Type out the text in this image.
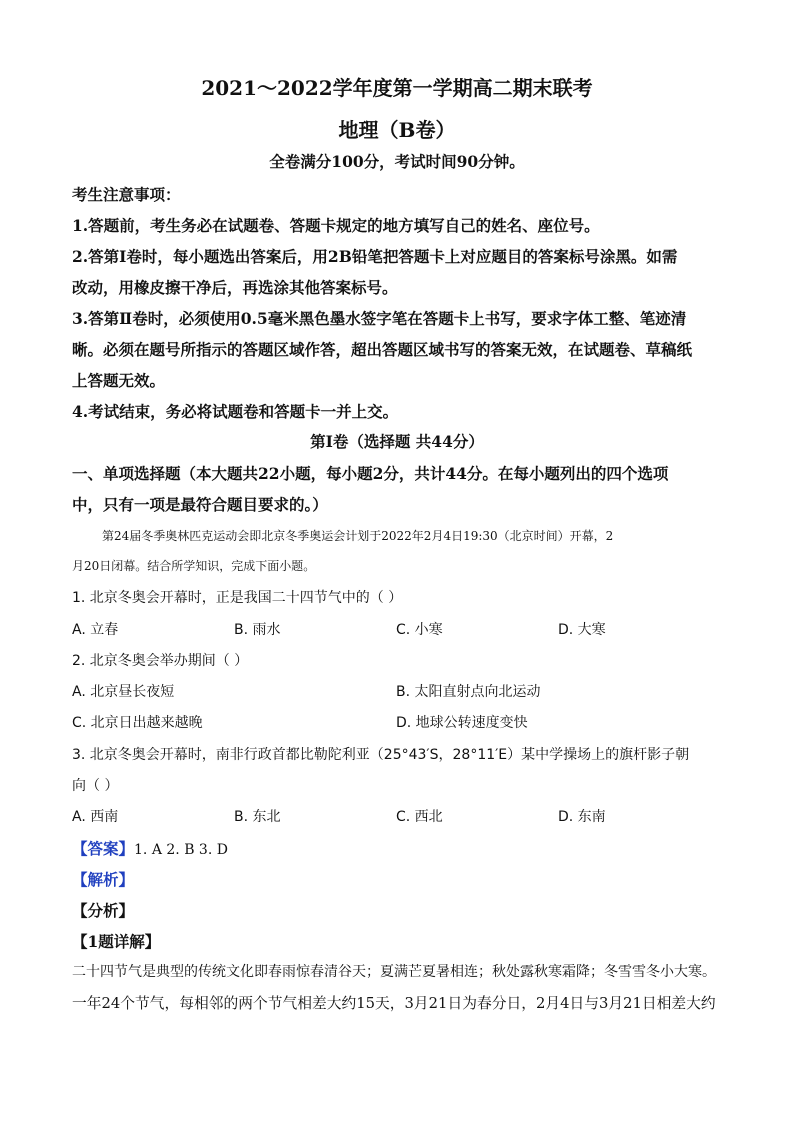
2021～2022学年度第一学期高二期末联考
地理（B卷）
全卷满分100分，考试时间90分钟。
考生注意事项：
1.答题前，考生务必在试题卷、答题卡规定的地方填写自己的姓名、座位号。
2.答第Ⅰ卷时，每小题选出答案后，用2B铅笔把答题卡上对应题目的答案标号涂黑。如需
改动，用橡皮擦干净后，再选涂其他答案标号。
3.答第Ⅱ卷时，必须使用0.5毫米黑色墨水签字笔在答题卡上书写，要求字体工整、笔迹清
晰。必须在题号所指示的答题区域作答，超出答题区域书写的答案无效，在试题卷、草稿纸
上答题无效。
4.考试结束，务必将试题卷和答题卡一并上交。
第Ⅰ卷（选择题 共44分）
一、单项选择题（本大题共22小题，每小题2分，共计44分。在每小题列出的四个选项
中，只有一项是最符合题目要求的。）
第24届冬季奥林匹克运动会即北京冬季奥运会计划于2022年2月4日19:30（北京时间）开幕，2
月20日闭幕。结合所学知识，完成下面小题。
1. 北京冬奥会开幕时，正是我国二十四节气中的（ ）
A. 立春	B. 雨水	C. 小寒	D. 大寒
2. 北京冬奥会举办期间（ ）
A. 北京昼长夜短	B. 太阳直射点向北运动
C. 北京日出越来越晚	D. 地球公转速度变快
3. 北京冬奥会开幕时，南非行政首都比勒陀利亚（25°43′S，28°11′E）某中学操场上的旗杆影子朝
向（ ）
A. 西南	B. 东北	C. 西北	D. 东南
【答案】1. A 2. B 3. D
【解析】
【分析】
【1题详解】
二十四节气是典型的传统文化即春雨惊春清谷天；夏满芒夏暑相连；秋处露秋寒霜降；冬雪雪冬小大寒。
一年24个节气，每相邻的两个节气相差大约15天，3月21日为春分日，2月4日与3月21日相差大约
